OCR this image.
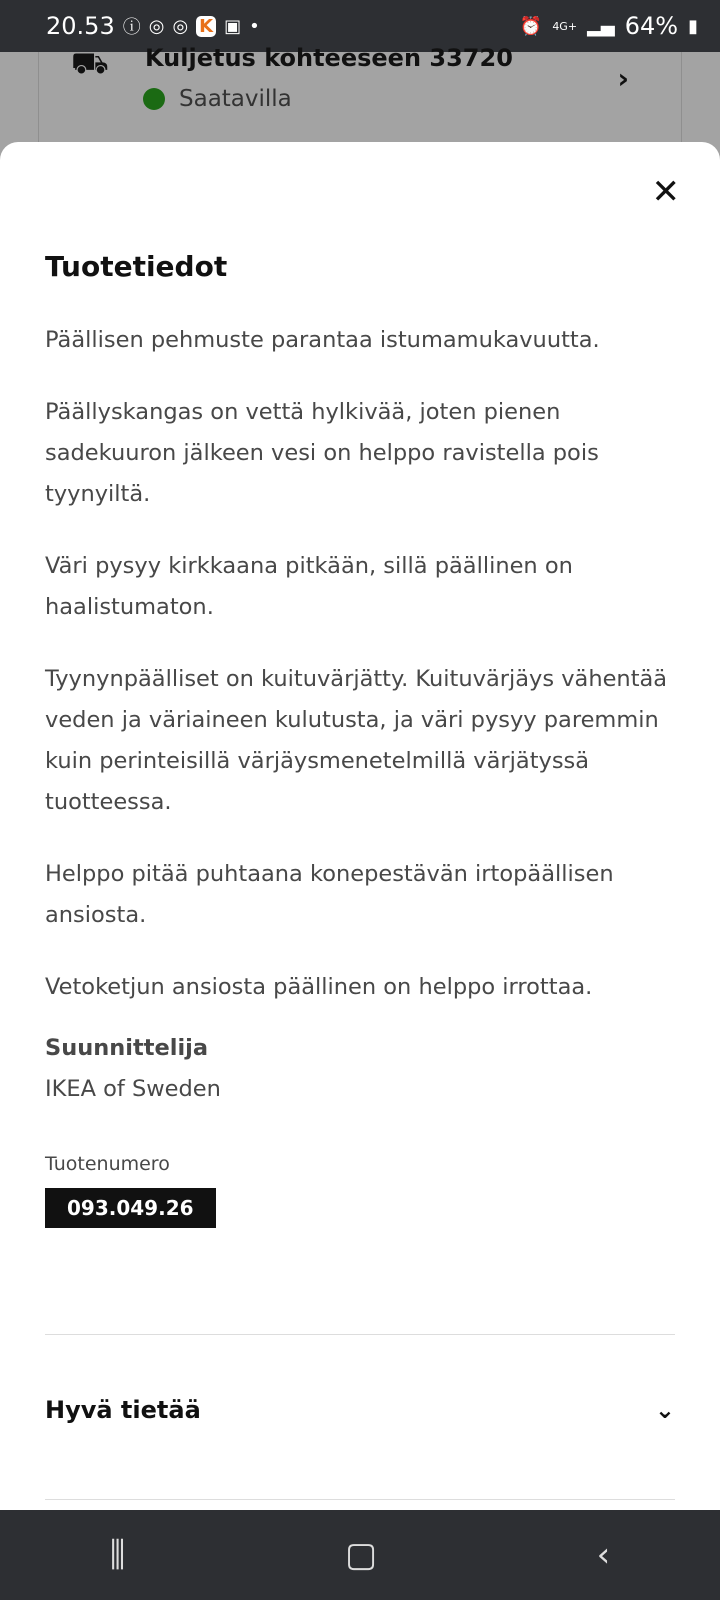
20.53 ⓘ ◎ ◎ K ▣ •	⏰ 4G+ ▂▄ 64% ▮
⛟ Kuljetus kohteeseen 33720
Saatavilla
›
✕
Tuotetiedot

Päällisen pehmuste parantaa istumamukavuutta.

Päällyskangas on vettä hylkivää, joten pienen sadekuuron jälkeen vesi on helppo ravistella pois tyynyiltä.

Väri pysyy kirkkaana pitkään, sillä päällinen on haalistumaton.

Tyynynpäälliset on kuituvärjätty. Kuituvärjäys vähentää veden ja väriaineen kulutusta, ja väri pysyy paremmin kuin perinteisillä värjäysmenetelmillä värjätyssä tuotteessa.

Helppo pitää puhtaana konepestävän irtopäällisen ansiosta.

Vetoketjun ansiosta päällinen on helppo irrottaa.

Suunnittelija
IKEA of Sweden
Tuotenumero
093.049.26
Hyvä tietää	⌄
⫼	▢	‹
